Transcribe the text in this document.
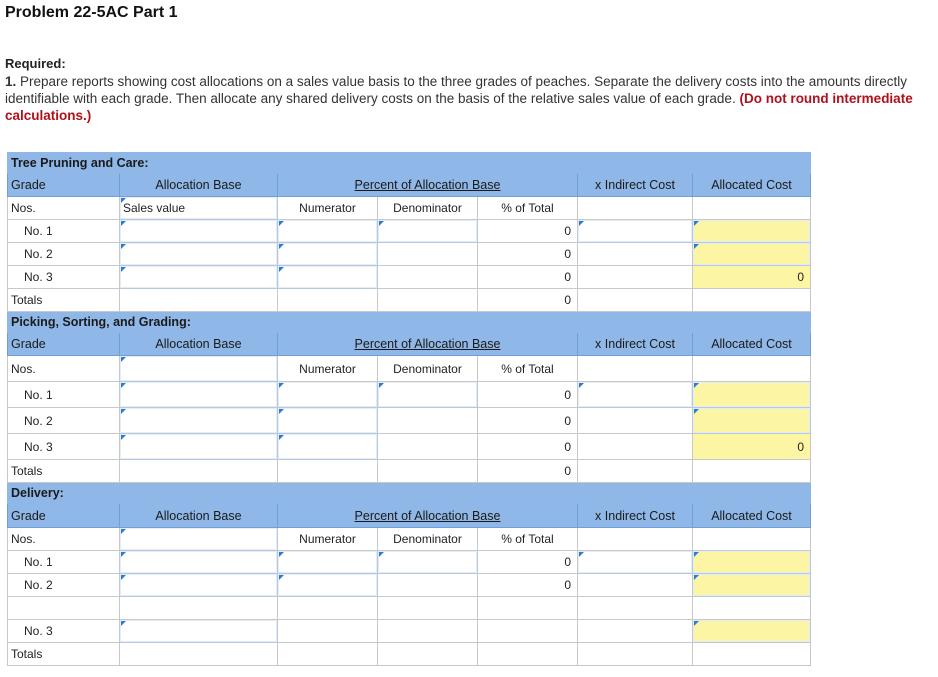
Problem 22-5AC Part 1
Required:
1. Prepare reports showing cost allocations on a sales value basis to the three grades of peaches. Separate the delivery costs into the amounts directly identifiable with each grade. Then allocate any shared delivery costs on the basis of the relative sales value of each grade. (Do not round intermediate calculations.)
Tree Pruning and Care:						
Grade	Allocation Base	Percent of Allocation Base			x Indirect Cost	Allocated Cost
Nos.	Sales value	Numerator	Denominator	% of Total		
No. 1				0		
No. 2				0		
No. 3				0		0
Totals				0		
Picking, Sorting, and Grading:						
Grade	Allocation Base	Percent of Allocation Base			x Indirect Cost	Allocated Cost
Nos.		Numerator	Denominator	% of Total		
No. 1				0		
No. 2				0		
No. 3				0		0
Totals				0		
Delivery:						
Grade	Allocation Base	Percent of Allocation Base			x Indirect Cost	Allocated Cost
Nos.		Numerator	Denominator	% of Total		
No. 1				0		
No. 2				0		

No. 3						
Totals						
